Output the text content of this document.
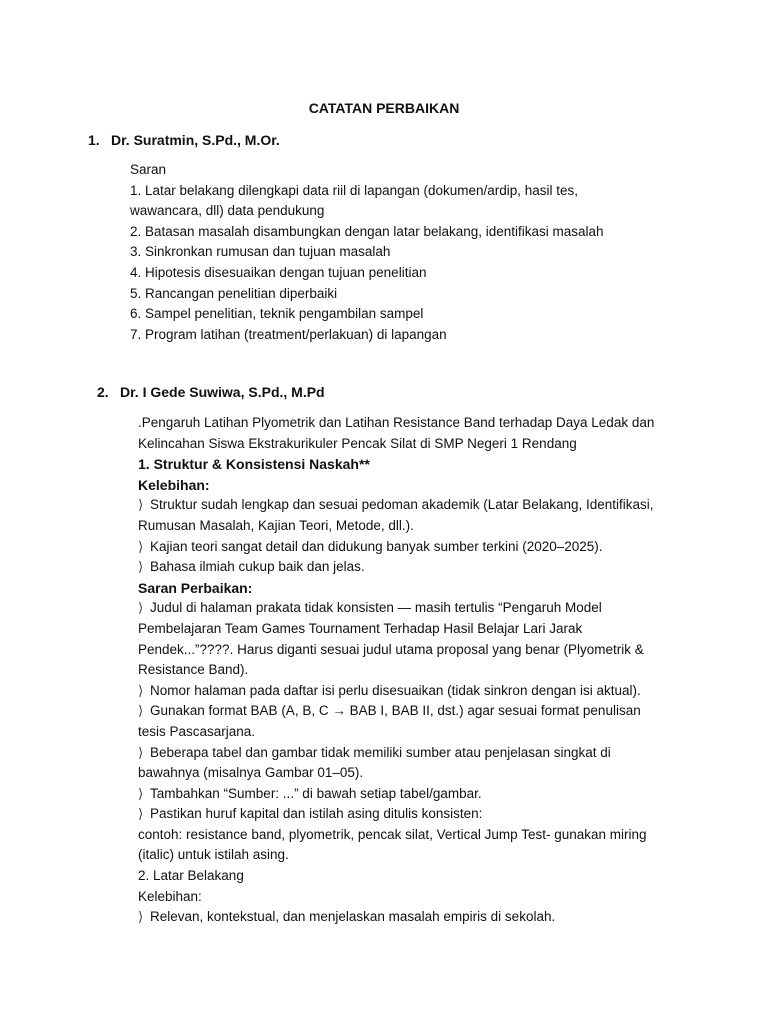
CATATAN PERBAIKAN
1. Dr. Suratmin, S.Pd., M.Or.
Saran
1. Latar belakang dilengkapi data riil di lapangan (dokumen/ardip, hasil tes,
wawancara, dll) data pendukung
2. Batasan masalah disambungkan dengan latar belakang, identifikasi masalah
3. Sinkronkan rumusan dan tujuan masalah
4. Hipotesis disesuaikan dengan tujuan penelitian
5. Rancangan penelitian diperbaiki
6. Sampel penelitian, teknik pengambilan sampel
7. Program latihan (treatment/perlakuan) di lapangan
2. Dr. I Gede Suwiwa, S.Pd., M.Pd
.Pengaruh Latihan Plyometrik dan Latihan Resistance Band terhadap Daya Ledak dan
Kelincahan Siswa Ekstrakurikuler Pencak Silat di SMP Negeri 1 Rendang
1. Struktur & Konsistensi Naskah**
Kelebihan:
⟩ Struktur sudah lengkap dan sesuai pedoman akademik (Latar Belakang, Identifikasi,
Rumusan Masalah, Kajian Teori, Metode, dll.).
⟩ Kajian teori sangat detail dan didukung banyak sumber terkini (2020–2025).
⟩ Bahasa ilmiah cukup baik dan jelas.
Saran Perbaikan:
⟩ Judul di halaman prakata tidak konsisten — masih tertulis “Pengaruh Model
Pembelajaran Team Games Tournament Terhadap Hasil Belajar Lari Jarak
Pendek...”????. Harus diganti sesuai judul utama proposal yang benar (Plyometrik &
Resistance Band).
⟩ Nomor halaman pada daftar isi perlu disesuaikan (tidak sinkron dengan isi aktual).
⟩ Gunakan format BAB (A, B, C → BAB I, BAB II, dst.) agar sesuai format penulisan
tesis Pascasarjana.
⟩ Beberapa tabel dan gambar tidak memiliki sumber atau penjelasan singkat di
bawahnya (misalnya Gambar 01–05).
⟩ Tambahkan “Sumber: ...” di bawah setiap tabel/gambar.
⟩ Pastikan huruf kapital dan istilah asing ditulis konsisten:
contoh: resistance band, plyometrik, pencak silat, Vertical Jump Test- gunakan miring
(italic) untuk istilah asing.
2. Latar Belakang
Kelebihan:
⟩ Relevan, kontekstual, dan menjelaskan masalah empiris di sekolah.
